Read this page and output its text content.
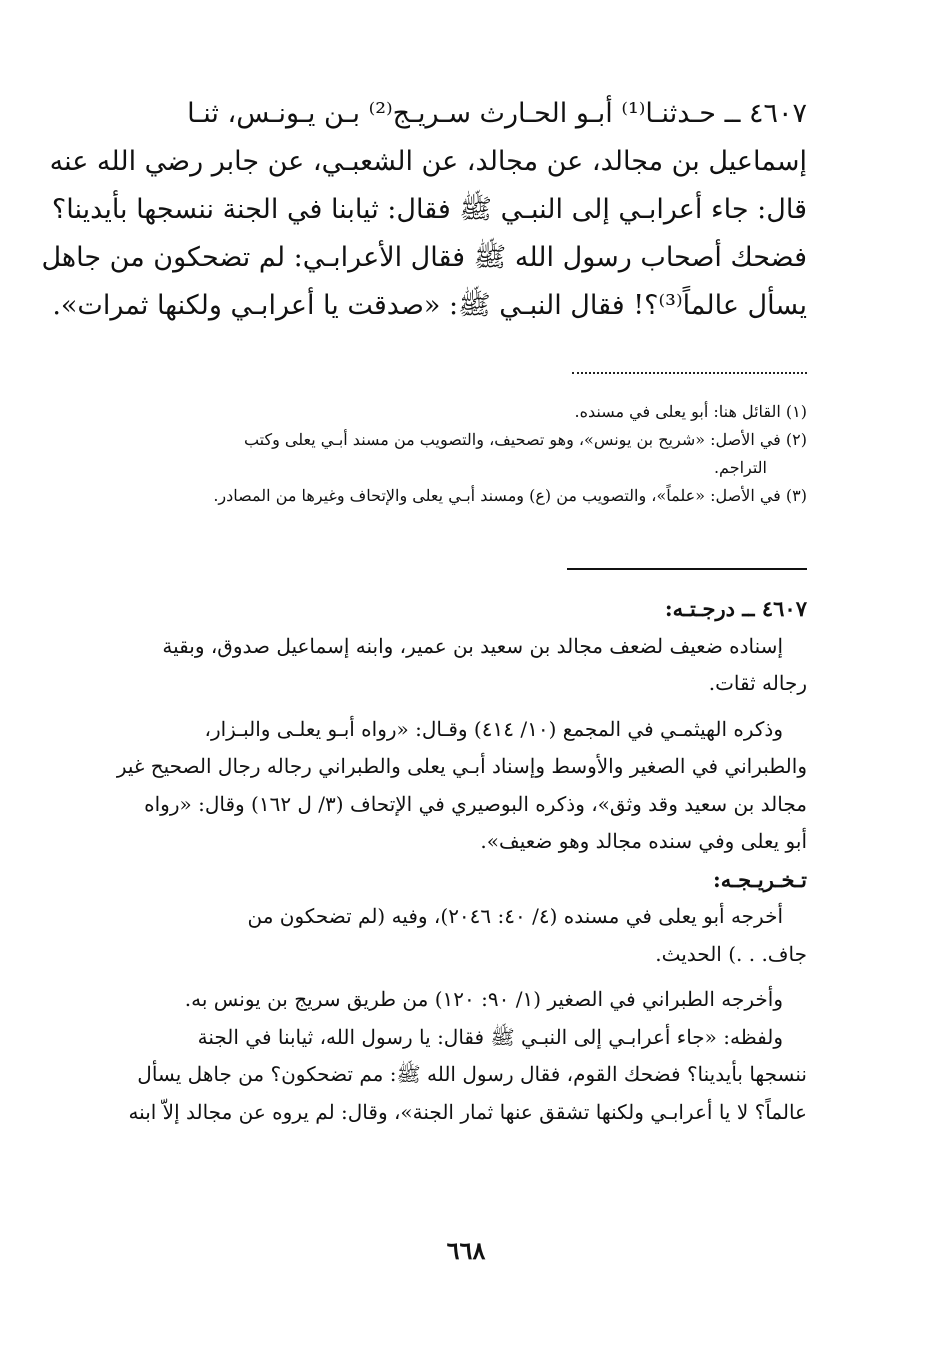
٤٦٠٧ ــ حـدثنـا⁽¹⁾ أبـو الحـارث سـريـج⁽²⁾ بـن يـونـس، ثنـا
إسماعيل بن مجالد، عن مجالد، عن الشعبـي، عن جابر رضي الله عنه
قال: جاء أعرابـي إلى النبـي ﷺ فقال: ثيابنا في الجنة ننسجها بأيدينا؟
فضحك أصحاب رسول الله ﷺ فقال الأعرابـي: لم تضحكون من جاهل
يسأل عالماً⁽³⁾؟! فقال النبـي ﷺ: «صدقت يا أعرابـي ولكنها ثمرات».
(١) القائل هنا: أبو يعلى في مسنده.
(٢) في الأصل: «شريح بن يونس»، وهو تصحيف، والتصويب من مسند أبـي يعلى وكتب
التراجم.
(٣) في الأصل: «علماً»، والتصويب من (ع) ومسند أبـي يعلى والإتحاف وغيرها من المصادر.
٤٦٠٧ ــ درجـتـه:
إسناده ضعيف لضعف مجالد بن سعيد بن عمير، وابنه إسماعيل صدوق، وبقية
رجاله ثقات.
وذكره الهيثمـي في المجمع (١٠/ ٤١٤) وقـال: «رواه أبـو يعلـى والبـزار،
والطبراني في الصغير والأوسط وإسناد أبـي يعلى والطبراني رجاله رجال الصحيح غير
مجالد بن سعيد وقد وثق»، وذكره البوصيري في الإتحاف (٣/ ل ١٦٢) وقال: «رواه
أبو يعلى وفي سنده مجالد وهو ضعيف».
تـخـريـجـه:
أخرجه أبو يعلى في مسنده (٤/ ٤٠: ٢٠٤٦)، وفيه (لم تضحكون من
جاف. . .) الحديث.
وأخرجه الطبراني في الصغير (١/ ٩٠: ١٢٠) من طريق سريج بن يونس به.
ولفظه: «جاء أعرابـي إلى النبـي ﷺ فقال: يا رسول الله، ثيابنا في الجنة
ننسجها بأيدينا؟ فضحك القوم، فقال رسول الله ﷺ: مم تضحكون؟ من جاهل يسأل
عالماً؟ لا يا أعرابـي ولكنها تشقق عنها ثمار الجنة»، وقال: لم يروه عن مجالد إلاّ ابنه
٦٦٨
